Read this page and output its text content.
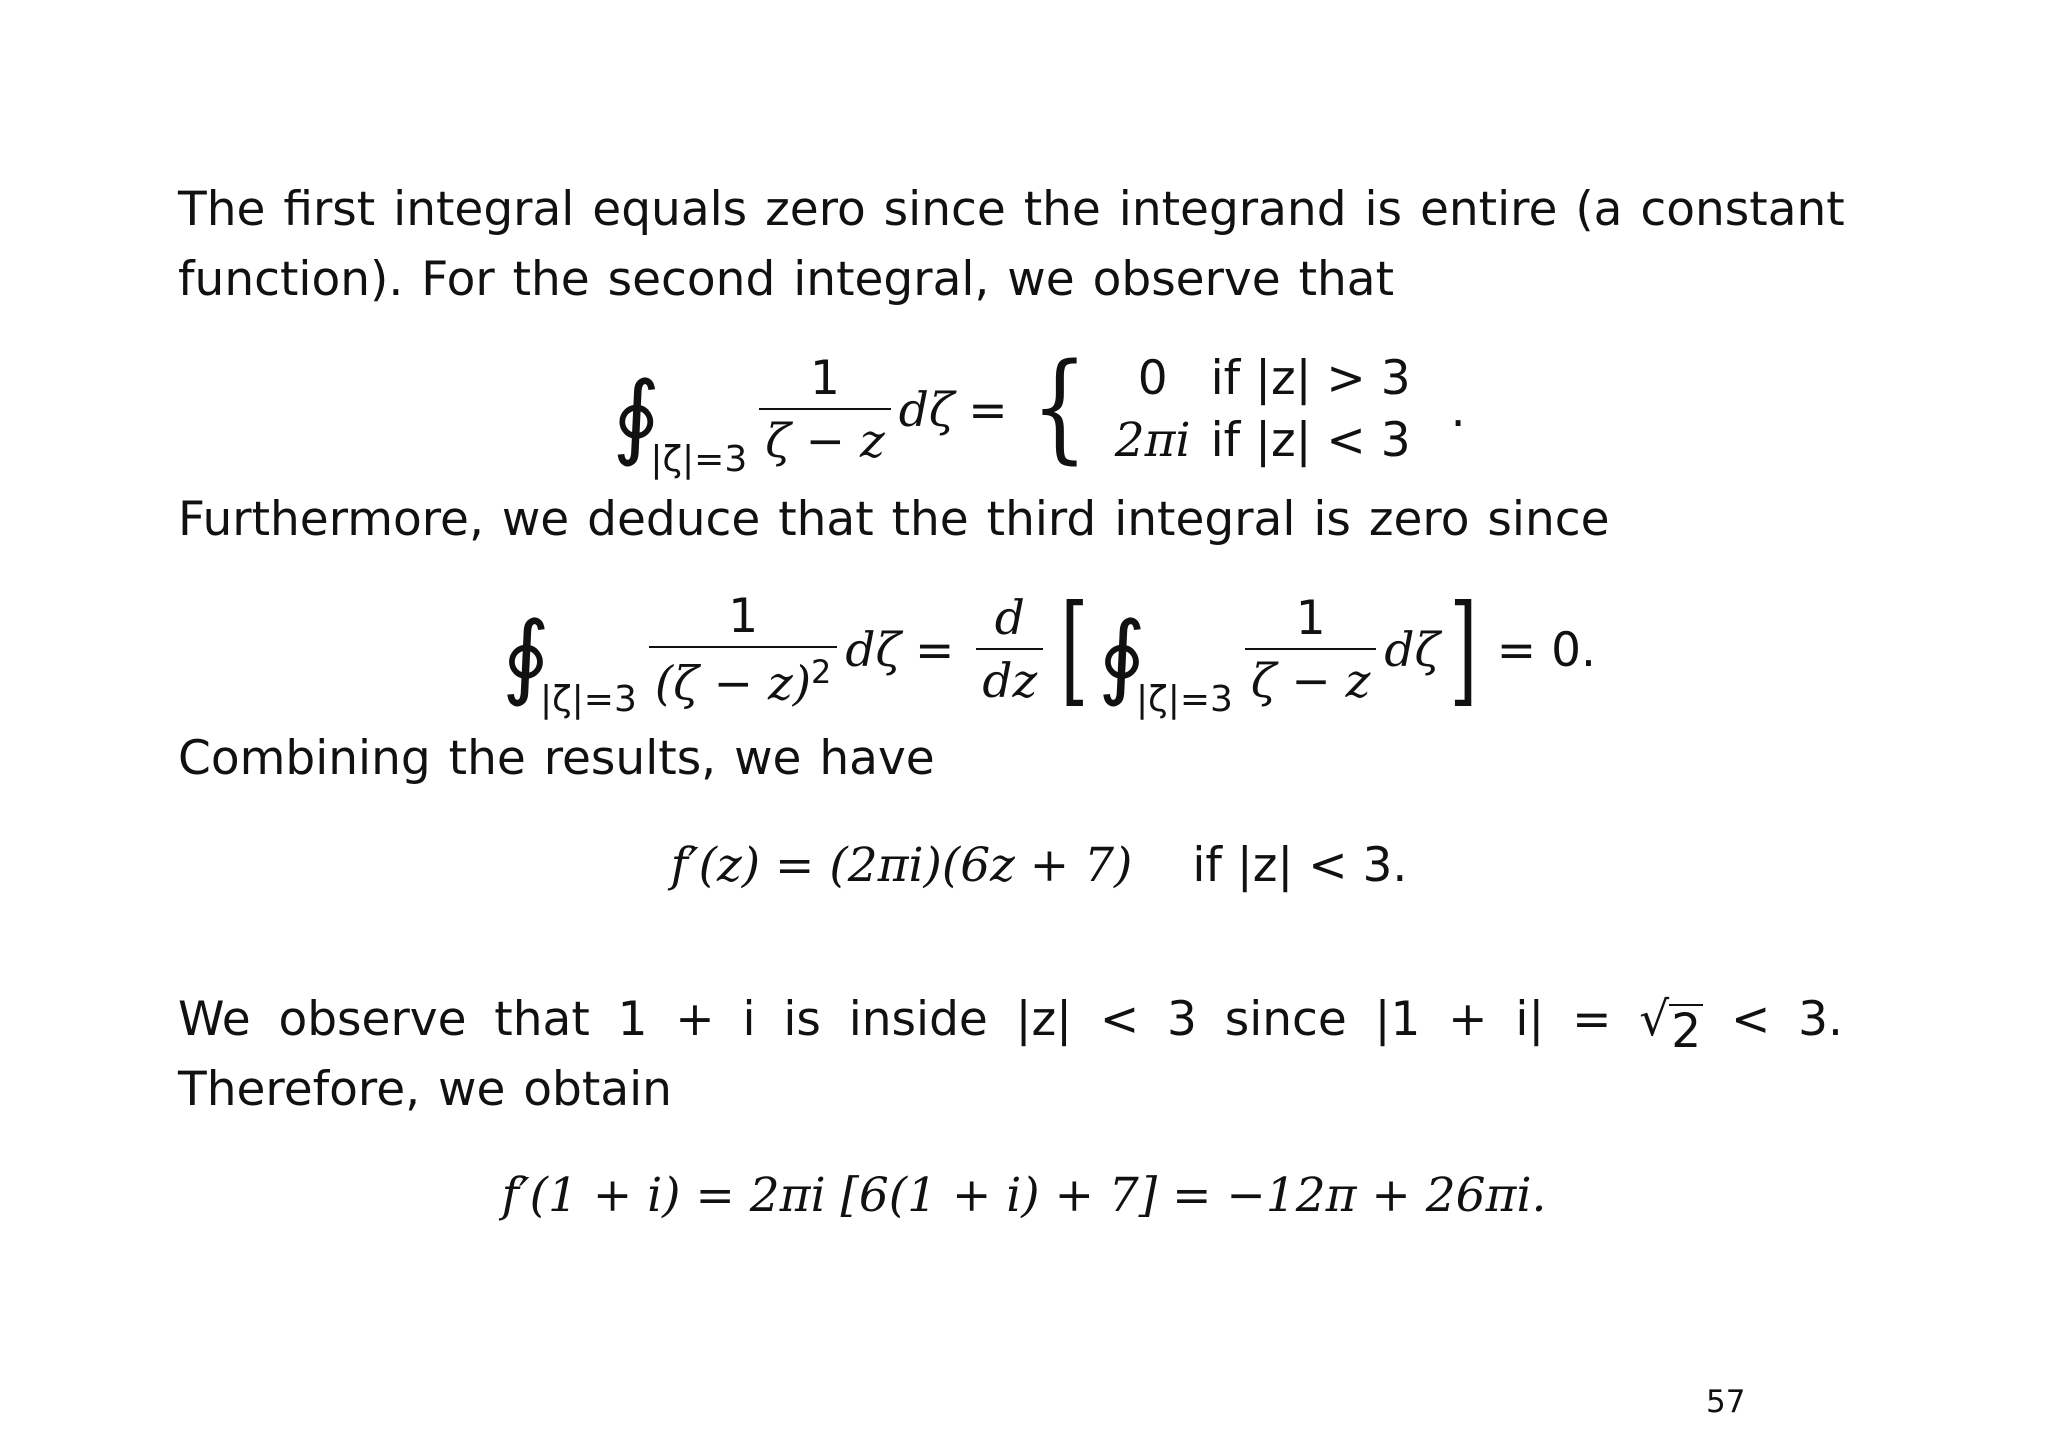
The first integral equals zero since the integrand is entire (a constant
function). For the second integral, we observe that
∮
$|\zeta|=3 \frac{1}{\zeta - z}$ dζ = { 0	if |z| > 3
2πi	if |z| < 3
.
Furthermore, we deduce that the third integral is zero since
∮
$|\zeta|=3 \frac{1}{(\zeta - z)^2}$ $d\zeta = \frac{d}{dz}$ [ ∮
$|\zeta|=3 \frac{1}{\zeta - z}$ dζ ] = 0.
Combining the results, we have
f′(z) = (2πi)(6z + 7) if |z| < 3.
We observe that 1 + i is inside |z| < 3 since |1 + i| = √ 2 < 3.
Therefore, we obtain
f′(1 + i) = 2πi [6(1 + i) + 7] = −12π + 26πi.
57
